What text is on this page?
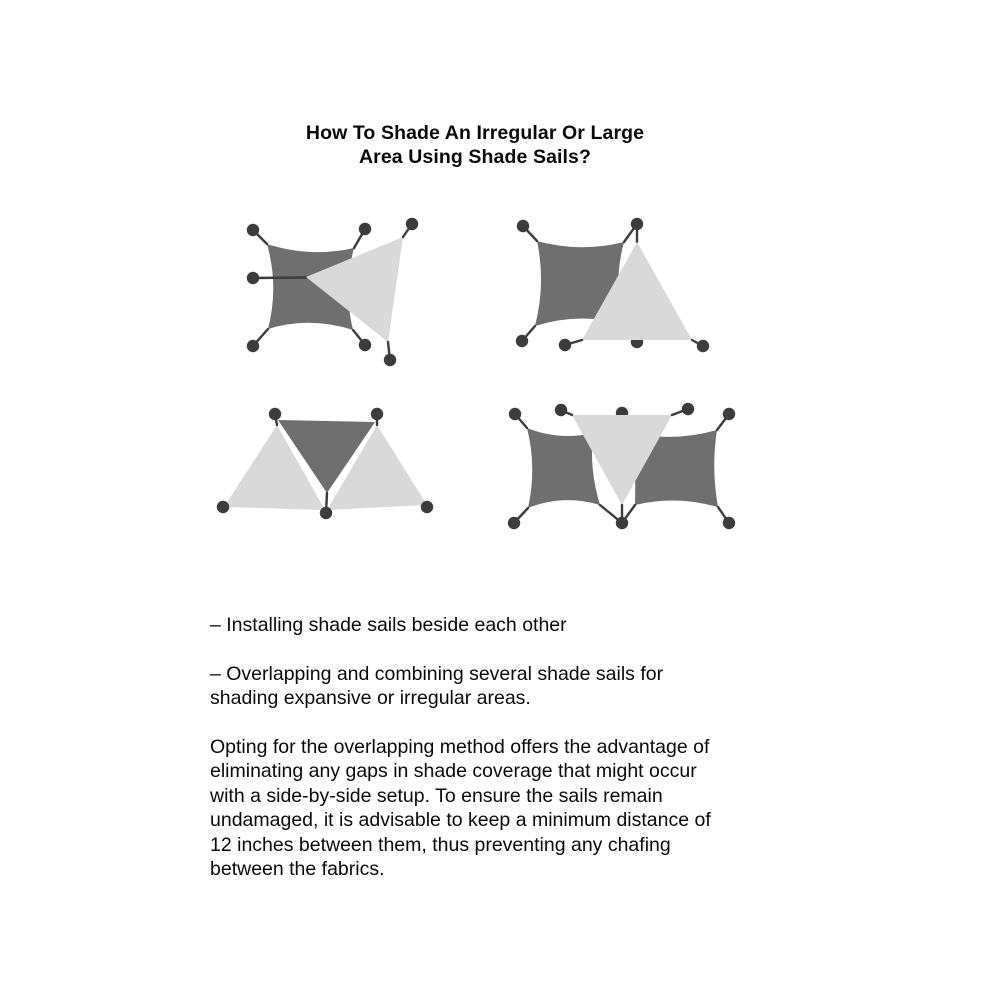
How To Shade An Irregular Or Large
Area Using Shade Sails?

– Installing shade sails beside each other

– Overlapping and combining several shade sails for
shading expansive or irregular areas.

Opting for the overlapping method offers the advantage of
eliminating any gaps in shade coverage that might occur
with a side-by-side setup. To ensure the sails remain
undamaged, it is advisable to keep a minimum distance of
12 inches between them, thus preventing any chafing
between the fabrics.
